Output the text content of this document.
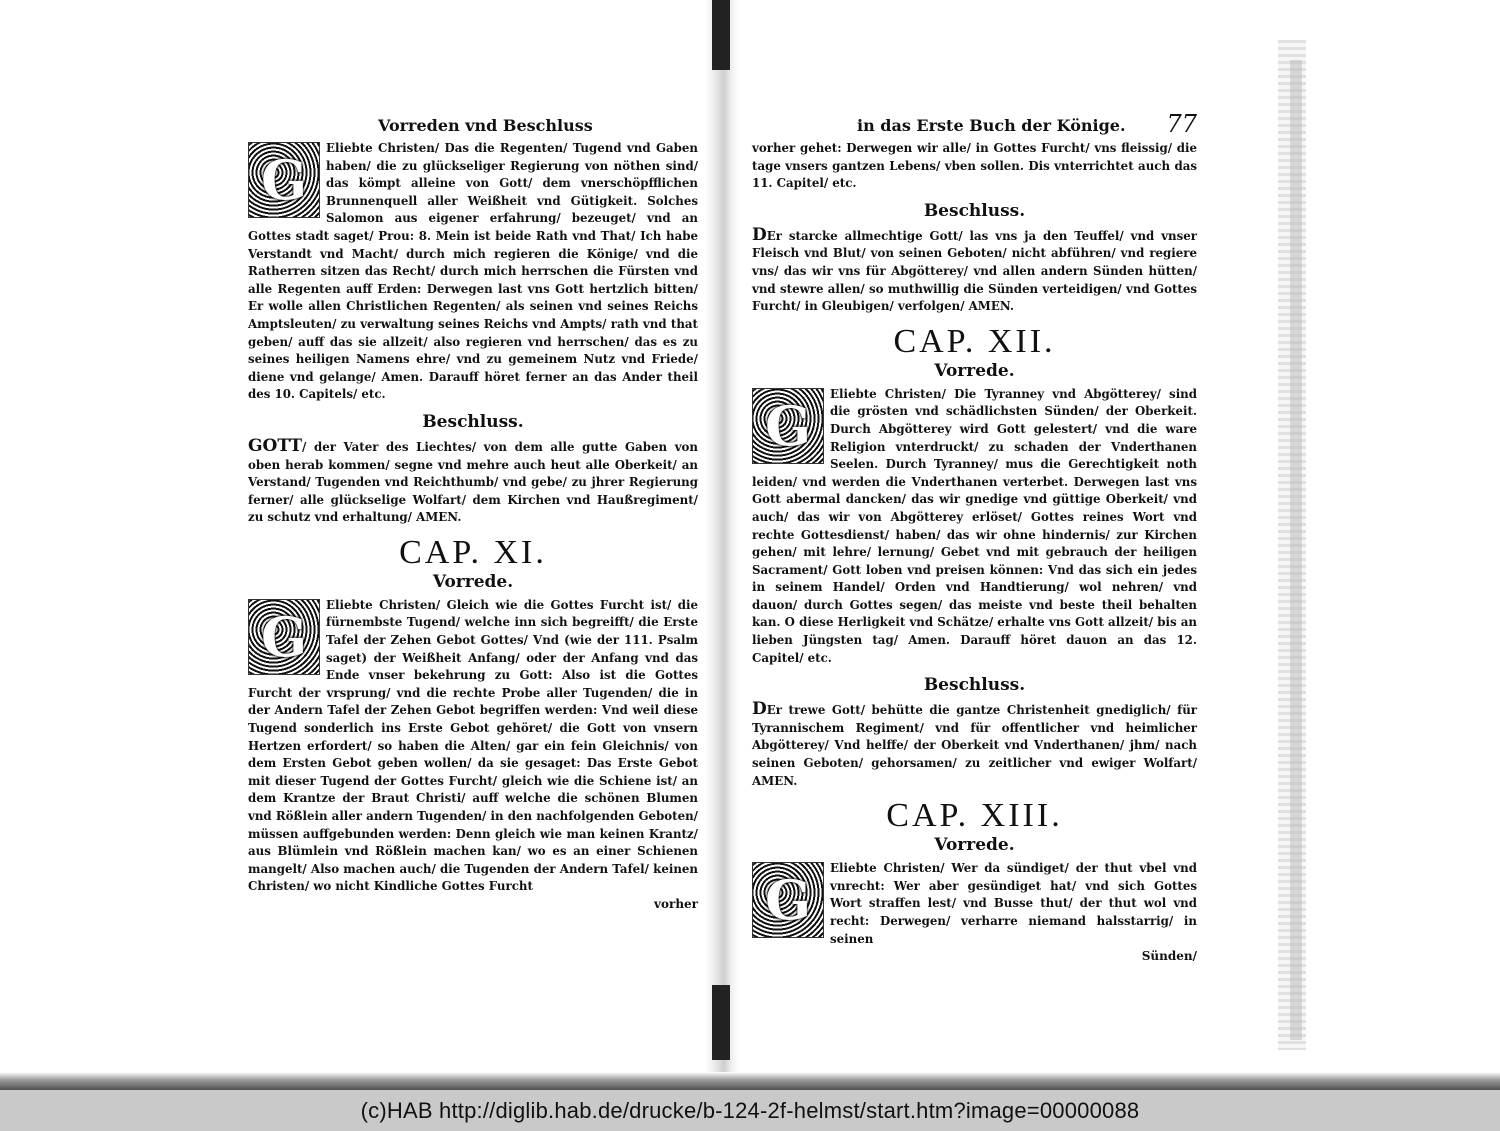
Vorreden vnd Beschluss
G	Eliebte Christen/ Das die Regenten/ Tugend vnd Gaben haben/ die zu glückseliger Regierung von nöthen sind/ das kömpt alleine von Gott/ dem vnerschöpfflichen Brunnenquell aller Weißheit vnd Gütigkeit. Solches Salomon aus eigener erfahrung/ bezeuget/ vnd an Gottes stadt saget/ Prou: 8. Mein ist beide Rath vnd That/ Ich habe Verstandt vnd Macht/ durch mich regieren die Könige/ vnd die Ratherren sitzen das Recht/ durch mich herrschen die Fürsten vnd alle Regenten auff Erden: Derwegen last vns Gott hertzlich bitten/ Er wolle allen Christlichen Regenten/ als seinen vnd seines Reichs Amptsleuten/ zu verwaltung seines Reichs vnd Ampts/ rath vnd that geben/ auff das sie allzeit/ also regieren vnd herrschen/ das es zu seines heiligen Namens ehre/ vnd zu gemeinem Nutz vnd Friede/ diene vnd gelange/ Amen. Darauff höret ferner an das Ander theil des 10. Capitels/ etc.

Beschluss.

GOTT/ der Vater des Liechtes/ von dem alle gutte Gaben von oben herab kommen/ segne vnd mehre auch heut alle Oberkeit/ an Verstand/ Tugenden vnd Reichthumb/ vnd gebe/ zu jhrer Regierung ferner/ alle glückselige Wolfart/ dem Kirchen vnd Haußregiment/ zu schutz vnd erhaltung/ AMEN.

CAP. XI.
Vorrede.
G	Eliebte Christen/ Gleich wie die Gottes Furcht ist/ die fürnembste Tugend/ welche inn sich begreifft/ die Erste Tafel der Zehen Gebot Gottes/ Vnd (wie der 111. Psalm saget) der Weißheit Anfang/ oder der Anfang vnd das Ende vnser bekehrung zu Gott: Also ist die Gottes Furcht der vrsprung/ vnd die rechte Probe aller Tugenden/ die in der Andern Tafel der Zehen Gebot begriffen werden: Vnd weil diese Tugend sonderlich ins Erste Gebot gehöret/ die Gott von vnsern Hertzen erfordert/ so haben die Alten/ gar ein fein Gleichnis/ von dem Ersten Gebot geben wollen/ da sie gesaget: Das Erste Gebot mit dieser Tugend der Gottes Furcht/ gleich wie die Schiene ist/ an dem Krantze der Braut Christi/ auff welche die schönen Blumen vnd Rößlein aller andern Tugenden/ in den nachfolgenden Geboten/ müssen auffgebunden werden: Denn gleich wie man keinen Krantz/ aus Blümlein vnd Rößlein machen kan/ wo es an einer Schienen mangelt/ Also machen auch/ die Tugenden der Andern Tafel/ keinen Christen/ wo nicht Kindliche Gottes Furcht

vorher
in das Erste Buch der Könige. 77

vorher gehet: Derwegen wir alle/ in Gottes Furcht/ vns fleissig/ die tage vnsers gantzen Lebens/ vben sollen. Dis vnterrichtet auch das 11. Capitel/ etc.

Beschluss.

DEr starcke allmechtige Gott/ las vns ja den Teuffel/ vnd vnser Fleisch vnd Blut/ von seinen Geboten/ nicht abführen/ vnd regiere vns/ das wir vns für Abgötterey/ vnd allen andern Sünden hütten/ vnd stewre allen/ so muthwillig die Sünden verteidigen/ vnd Gottes Furcht/ in Gleubigen/ verfolgen/ AMEN.

CAP. XII.
Vorrede.
G	Eliebte Christen/ Die Tyranney vnd Abgötterey/ sind die grösten vnd schädlichsten Sünden/ der Oberkeit. Durch Abgötterey wird Gott gelestert/ vnd die ware Religion vnterdruckt/ zu schaden der Vnderthanen Seelen. Durch Tyranney/ mus die Gerechtigkeit noth leiden/ vnd werden die Vnderthanen verterbet. Derwegen last vns Gott abermal dancken/ das wir gnedige vnd güttige Oberkeit/ vnd auch/ das wir von Abgötterey erlöset/ Gottes reines Wort vnd rechte Gottesdienst/ haben/ das wir ohne hindernis/ zur Kirchen gehen/ mit lehre/ lernung/ Gebet vnd mit gebrauch der heiligen Sacrament/ Gott loben vnd preisen können: Vnd das sich ein jedes in seinem Handel/ Orden vnd Handtierung/ wol nehren/ vnd dauon/ durch Gottes segen/ das meiste vnd beste theil behalten kan. O diese Herligkeit vnd Schätze/ erhalte vns Gott allzeit/ bis an lieben Jüngsten tag/ Amen. Darauff höret dauon an das 12. Capitel/ etc.

Beschluss.

DEr trewe Gott/ behütte die gantze Christenheit gnediglich/ für Tyrannischem Regiment/ vnd für offentlicher vnd heimlicher Abgötterey/ Vnd helffe/ der Oberkeit vnd Vnderthanen/ jhm/ nach seinen Geboten/ gehorsamen/ zu zeitlicher vnd ewiger Wolfart/ AMEN.

CAP. XIII.
Vorrede.
G	Eliebte Christen/ Wer da sündiget/ der thut vbel vnd vnrecht: Wer aber gesündiget hat/ vnd sich Gottes Wort straffen lest/ vnd Busse thut/ der thut wol vnd recht: Derwegen/ verharre niemand halsstarrig/ in seinen

Sünden/
(c)HAB http://diglib.hab.de/drucke/b-124-2f-helmst/start.htm?image=00000088
